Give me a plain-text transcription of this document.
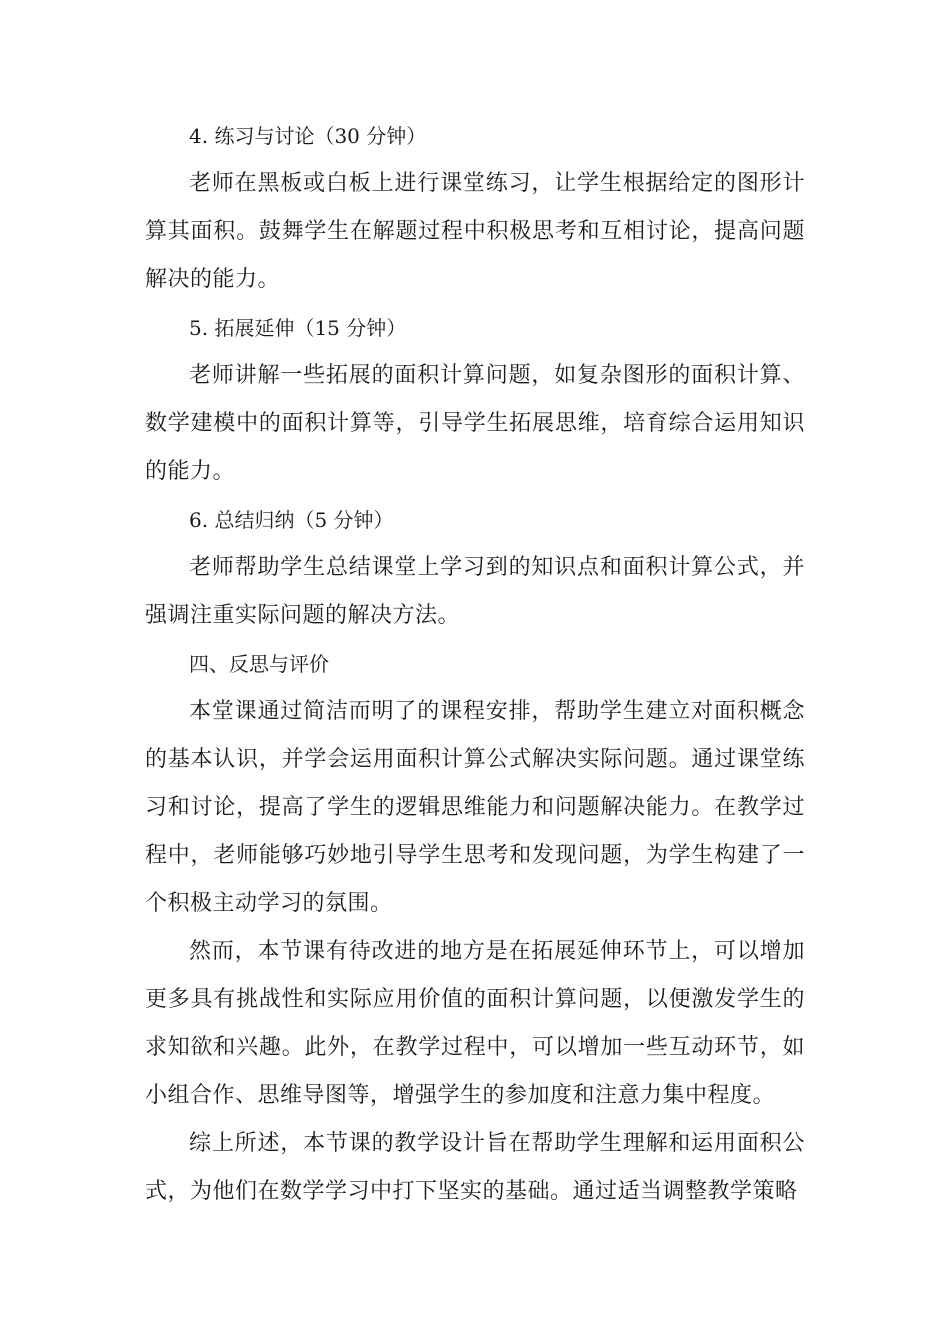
4. 练习与讨论（30 分钟）

老师在黑板或白板上进行课堂练习，让学生根据给定的图形计算其面积。鼓舞学生在解题过程中积极思考和互相讨论，提高问题解决的能力。

5. 拓展延伸（15 分钟）

老师讲解一些拓展的面积计算问题，如复杂图形的面积计算、数学建模中的面积计算等，引导学生拓展思维，培育综合运用知识的能力。

6. 总结归纳（5 分钟）

老师帮助学生总结课堂上学习到的知识点和面积计算公式，并强调注重实际问题的解决方法。

四、反思与评价

本堂课通过简洁而明了的课程安排，帮助学生建立对面积概念的基本认识，并学会运用面积计算公式解决实际问题。通过课堂练习和讨论，提高了学生的逻辑思维能力和问题解决能力。在教学过程中，老师能够巧妙地引导学生思考和发现问题，为学生构建了一个积极主动学习的氛围。

然而，本节课有待改进的地方是在拓展延伸环节上，可以增加更多具有挑战性和实际应用价值的面积计算问题，以便激发学生的求知欲和兴趣。此外，在教学过程中，可以增加一些互动环节，如小组合作、思维导图等，增强学生的参加度和注意力集中程度。

综上所述，本节课的教学设计旨在帮助学生理解和运用面积公式，为他们在数学学习中打下坚实的基础。通过适当调整教学策略
